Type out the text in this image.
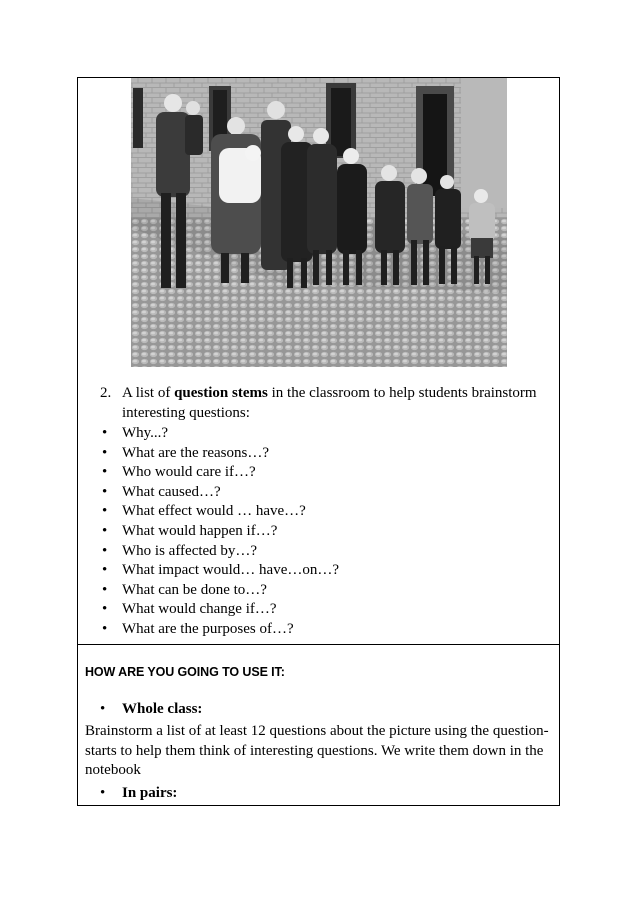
2. A list of question stems in the classroom to help students brainstorm interesting questions:
• Why...?
• What are the reasons…?
• Who would care if…?
• What caused…?
• What effect would … have…?
• What would happen if…?
• Who is affected by…?
• What impact would… have…on…?
• What can be done to…?
• What would change if…?
• What are the purposes of…?
HOW ARE YOU GOING TO USE IT:
• Whole class:
Brainstorm a list of at least 12 questions about the picture using the question-starts to help them think of interesting questions. We write them down in the notebook
• In pairs:
